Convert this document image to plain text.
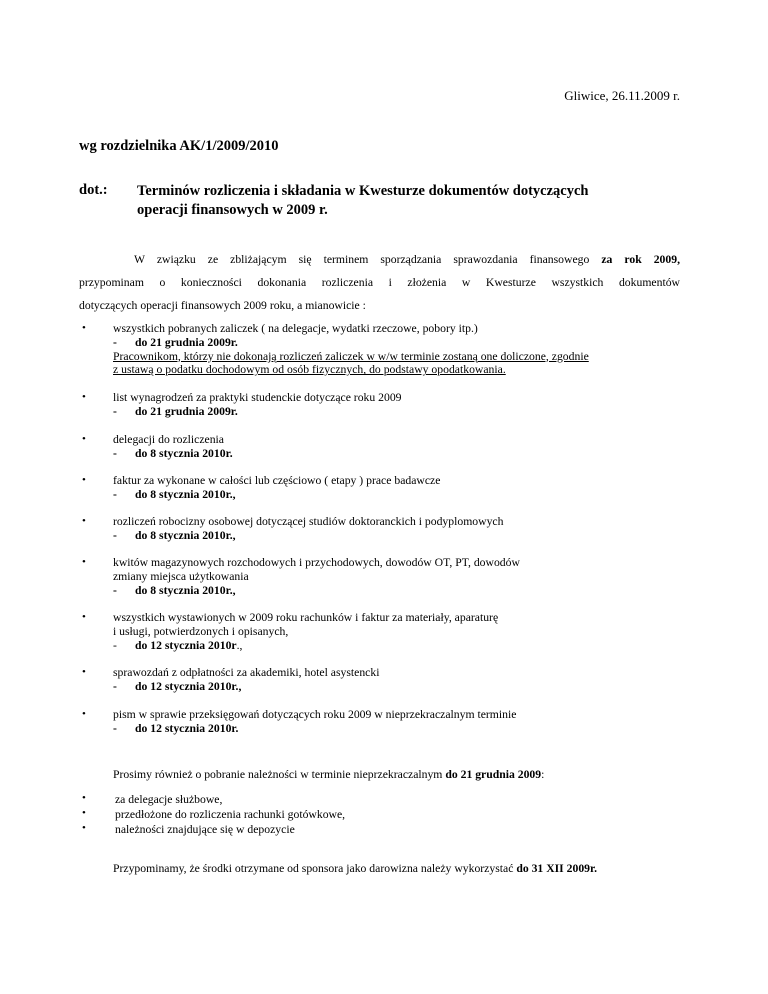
Gliwice, 26.11.2009 r.
wg rozdzielnika AK/1/2009/2010
dot.: Terminów rozliczenia i składania w Kwesturze dokumentów dotyczących
operacji finansowych w 2009 r.
W związku ze zbliżającym się terminem sporządzania sprawozdania finansowego za rok 2009,
przypominam o konieczności dokonania rozliczenia i złożenia w Kwesturze wszystkich dokumentów
dotyczących operacji finansowych 2009 roku, a mianowicie :
• wszystkich pobranych zaliczek ( na delegacje, wydatki rzeczowe, pobory itp.)
- do 21 grudnia 2009r.
Pracownikom, którzy nie dokonają rozliczeń zaliczek w w/w terminie zostaną one doliczone, zgodnie
z ustawą o podatku dochodowym od osób fizycznych, do podstawy opodatkowania.
• list wynagrodzeń za praktyki studenckie dotyczące roku 2009
- do 21 grudnia 2009r.
• delegacji do rozliczenia
- do 8 stycznia 2010r.
• faktur za wykonane w całości lub częściowo ( etapy ) prace badawcze
- do 8 stycznia 2010r.,
• rozliczeń robocizny osobowej dotyczącej studiów doktoranckich i podyplomowych
- do 8 stycznia 2010r.,
• kwitów magazynowych rozchodowych i przychodowych, dowodów OT, PT, dowodów
zmiany miejsca użytkowania
- do 8 stycznia 2010r.,
• wszystkich wystawionych w 2009 roku rachunków i faktur za materiały, aparaturę
i usługi, potwierdzonych i opisanych,
- do 12 stycznia 2010r.,
• sprawozdań z odpłatności za akademiki, hotel asystencki
- do 12 stycznia 2010r.,
• pism w sprawie przeksięgowań dotyczących roku 2009 w nieprzekraczalnym terminie
- do 12 stycznia 2010r.
Prosimy również o pobranie należności w terminie nieprzekraczalnym do 21 grudnia 2009:
• za delegacje służbowe,
• przedłożone do rozliczenia rachunki gotówkowe,
• należności znajdujące się w depozycie
Przypominamy, że środki otrzymane od sponsora jako darowizna należy wykorzystać do 31 XII 2009r.
